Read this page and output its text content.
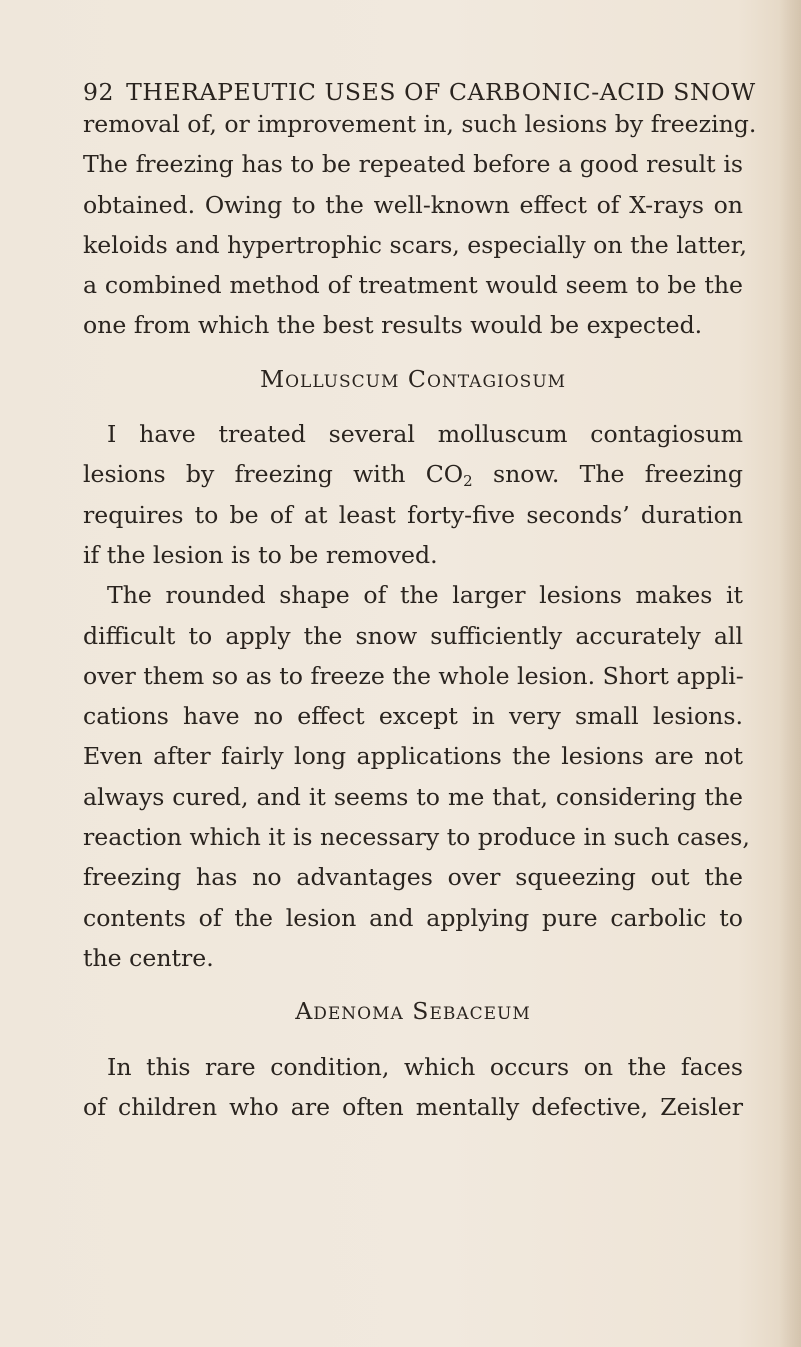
92 THERAPEUTIC USES OF CARBONIC-ACID SNOW
removal of, or improvement in, such lesions by freezing.
The freezing has to be repeated before a good result is
obtained. Owing to the well-known effect of X-rays on
keloids and hypertrophic scars, especially on the latter,
a combined method of treatment would seem to be the
one from which the best results would be expected.
Molluscum Contagiosum
I have treated several molluscum contagiosum
lesions by freezing with $CO_2$ snow. The freezing
requires to be of at least forty-five seconds’ duration
if the lesion is to be removed.
The rounded shape of the larger lesions makes it
difficult to apply the snow sufficiently accurately all
over them so as to freeze the whole lesion. Short appli-
cations have no effect except in very small lesions.
Even after fairly long applications the lesions are not
always cured, and it seems to me that, considering the
reaction which it is necessary to produce in such cases,
freezing has no advantages over squeezing out the
contents of the lesion and applying pure carbolic to
the centre.
Adenoma Sebaceum
In this rare condition, which occurs on the faces
of children who are often mentally defective, Zeisler
